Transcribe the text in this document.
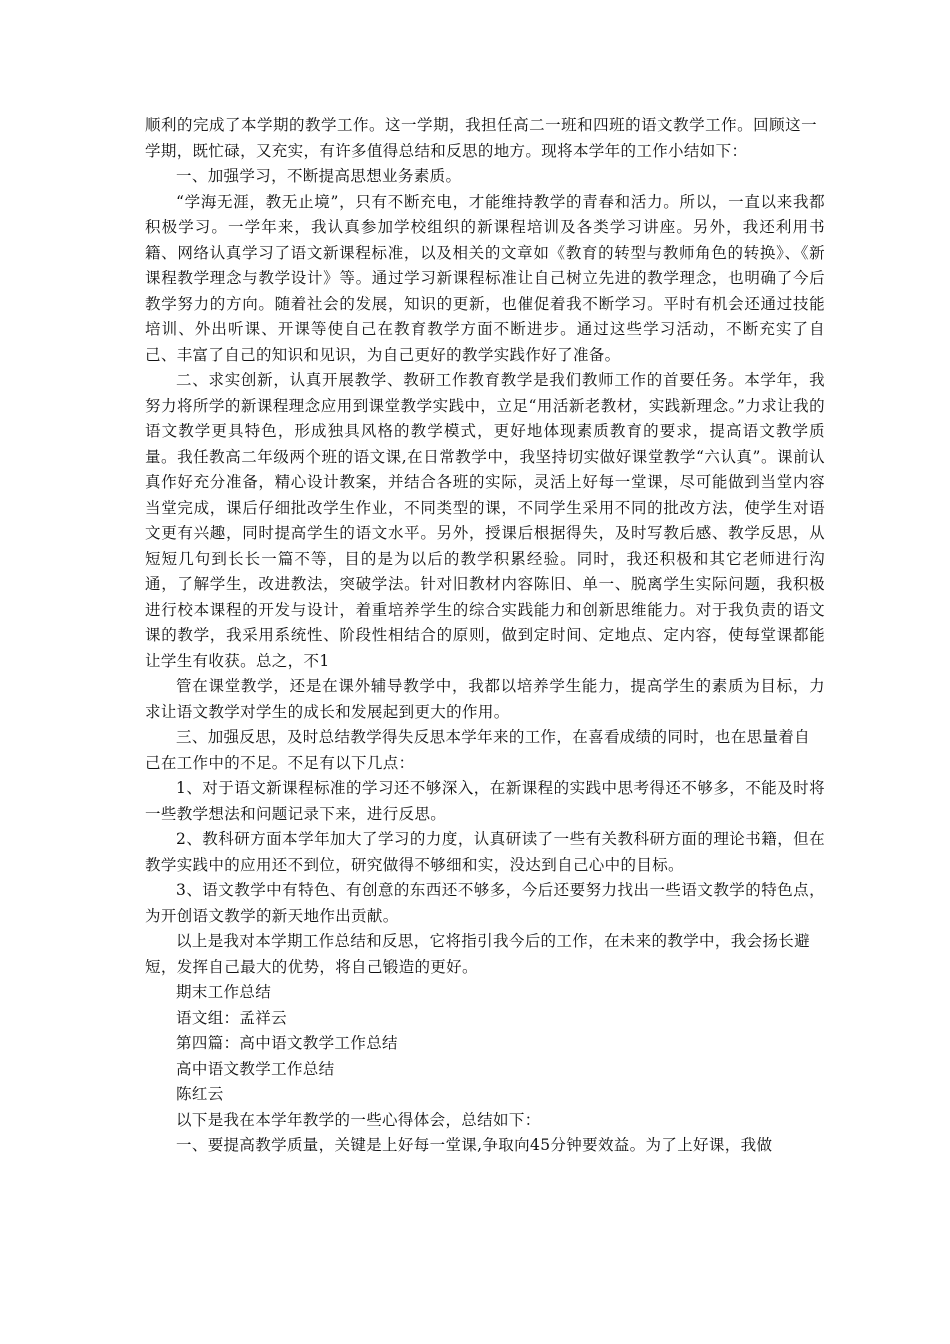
顺利的完成了本学期的教学工作。这一学期，我担任高二一班和四班的语文教学工作。回顾这一学期，既忙碌，又充实，有许多值得总结和反思的地方。现将本学年的工作小结如下：

一、加强学习，不断提高思想业务素质。

“学海无涯，教无止境”，只有不断充电，才能维持教学的青春和活力。所以，一直以来我都积极学习。一学年来，我认真参加学校组织的新课程培训及各类学习讲座。另外，我还利用书籍、网络认真学习了语文新课程标准，以及相关的文章如《教育的转型与教师角色的转换》、《新课程教学理念与教学设计》等。通过学习新课程标准让自己树立先进的教学理念，也明确了今后教学努力的方向。随着社会的发展，知识的更新，也催促着我不断学习。平时有机会还通过技能培训、外出听课、开课等使自己在教育教学方面不断进步。通过这些学习活动，不断充实了自己、丰富了自己的知识和见识，为自己更好的教学实践作好了准备。

二、求实创新，认真开展教学、教研工作教育教学是我们教师工作的首要任务。本学年，我努力将所学的新课程理念应用到课堂教学实践中，立足“用活新老教材，实践新理念。”力求让我的语文教学更具特色，形成独具风格的教学模式，更好地体现素质教育的要求，提高语文教学质量。我任教高二年级两个班的语文课,在日常教学中，我坚持切实做好课堂教学“六认真”。课前认真作好充分准备，精心设计教案，并结合各班的实际，灵活上好每一堂课，尽可能做到当堂内容当堂完成，课后仔细批改学生作业，不同类型的课，不同学生采用不同的批改方法，使学生对语文更有兴趣，同时提高学生的语文水平。另外，授课后根据得失，及时写教后感、教学反思，从短短几句到长长一篇不等，目的是为以后的教学积累经验。同时，我还积极和其它老师进行沟通，了解学生，改进教法，突破学法。针对旧教材内容陈旧、单一、脱离学生实际问题，我积极进行校本课程的开发与设计，着重培养学生的综合实践能力和创新思维能力。对于我负责的语文课的教学，我采用系统性、阶段性相结合的原则，做到定时间、定地点、定内容，使每堂课都能让学生有收获。总之，不1

管在课堂教学，还是在课外辅导教学中，我都以培养学生能力，提高学生的素质为目标，力求让语文教学对学生的成长和发展起到更大的作用。

三、加强反思，及时总结教学得失反思本学年来的工作，在喜看成绩的同时，也在思量着自己在工作中的不足。不足有以下几点：

1、对于语文新课程标准的学习还不够深入，在新课程的实践中思考得还不够多，不能及时将一些教学想法和问题记录下来，进行反思。

2、教科研方面本学年加大了学习的力度，认真研读了一些有关教科研方面的理论书籍，但在教学实践中的应用还不到位，研究做得不够细和实，没达到自己心中的目标。

3、语文教学中有特色、有创意的东西还不够多，今后还要努力找出一些语文教学的特色点，为开创语文教学的新天地作出贡献。

以上是我对本学期工作总结和反思，它将指引我今后的工作，在未来的教学中，我会扬长避短，发挥自己最大的优势，将自己锻造的更好。

期末工作总结

语文组：孟祥云

第四篇：高中语文教学工作总结

高中语文教学工作总结

陈红云

以下是我在本学年教学的一些心得体会，总结如下：

一、要提高教学质量，关键是上好每一堂课,争取向45分钟要效益。为了上好课，我做
